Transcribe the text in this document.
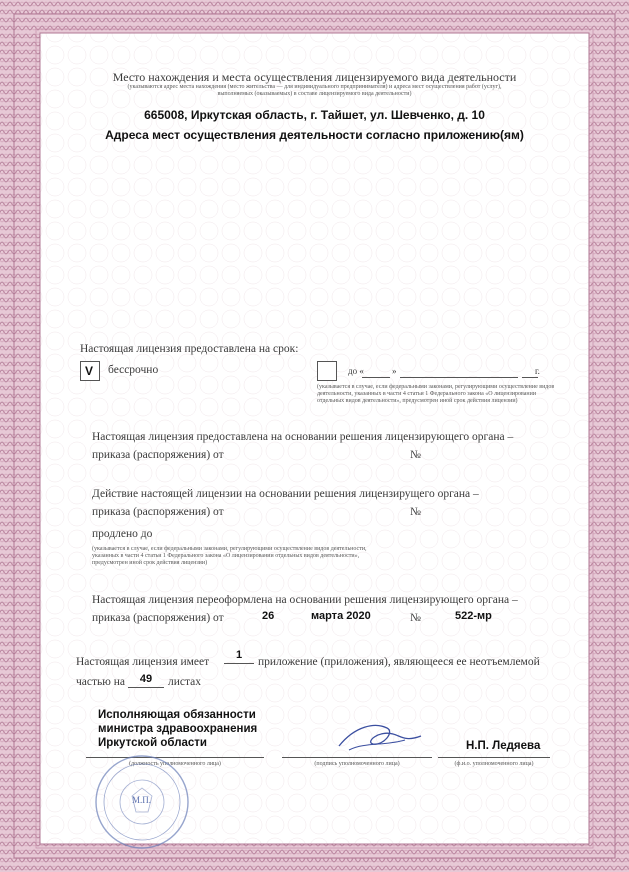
Место нахождения и места осуществления лицензируемого вида деятельности
(указываются адрес места нахождения (место жительства — для индивидуального предпринимателя) и адреса мест осуществления работ (услуг),
выполняемых (оказываемых) в составе лицензируемого вида деятельности)
665008, Иркутская область, г. Тайшет, ул. Шевченко, д. 10
Адреса мест осуществления деятельности согласно приложению(ям)
Настоящая лицензия предоставлена на срок:
V бессрочно	до «	»	г.
(указывается в случае, если федеральными законами, регулирующими осуществление видов деятельности, указанных в части 4 статьи 1 Федерального закона «О лицензировании отдельных видов деятельности», предусмотрен иной срок действия лицензии)
Настоящая лицензия предоставлена на основании решения лицензирующего органа –
приказа (распоряжения) от	№
Действие настоящей лицензии на основании решения лицензирущего органа –
приказа (распоряжения) от	№
продлено до
(указывается в случае, если федеральными законами, регулирующими осуществление видов деятельности, указанных в части 4 статьи 1 Федерального закона «О лицензировании отдельных видов деятельности», предусмотрен иной срок действия лицензии)
Настоящая лицензия переоформлена на основании решения лицензирующего органа –
приказа (распоряжения) от	26	марта 2020	№	522-мр
Настоящая лицензия имеет
1
приложение (приложения), являющееся ее неотъемлемой
частью на	49	листах
Исполняющая обязанности
министра здравоохранения
Иркутской области
(должность уполномоченного лица)	(подпись уполномоченного лица)
Н.П. Ледяева
(ф.и.о. уполномоченного лица)
М.П.
